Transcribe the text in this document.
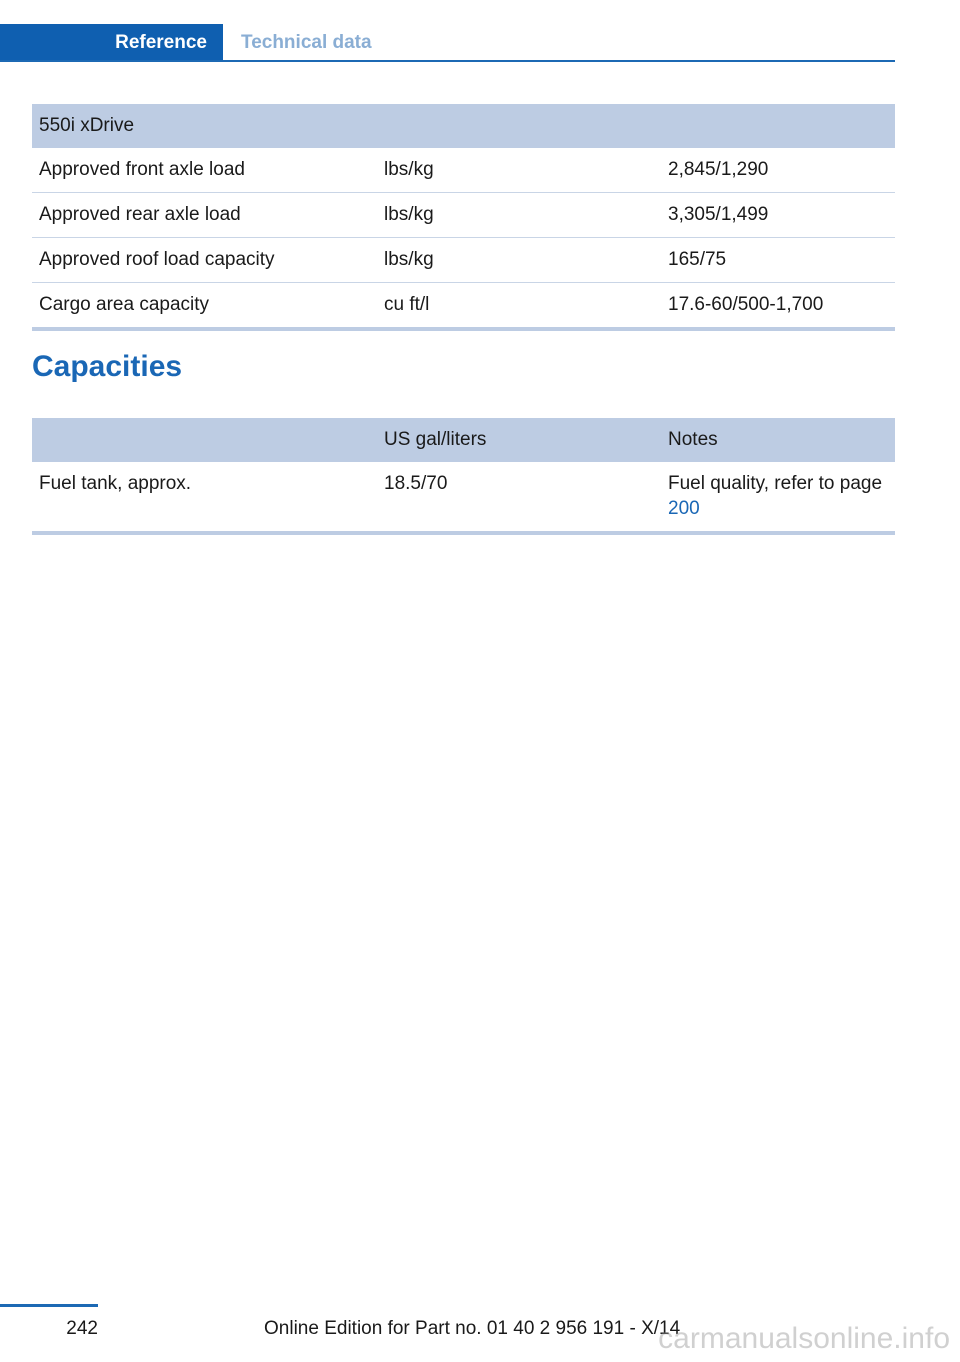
Reference	Technical data
550i xDrive		
Approved front axle load	lbs/kg	2,845/1,290
Approved rear axle load	lbs/kg	3,305/1,499
Approved roof load capacity	lbs/kg	165/75
Cargo area capacity	cu ft/l	17.6-60/500-1,700
Capacities
	US gal/liters	Notes
Fuel tank, approx.	18.5/70	Fuel quality, refer to page 200
242	Online Edition for Part no. 01 40 2 956 191 - X/14
carmanualsonline.info
